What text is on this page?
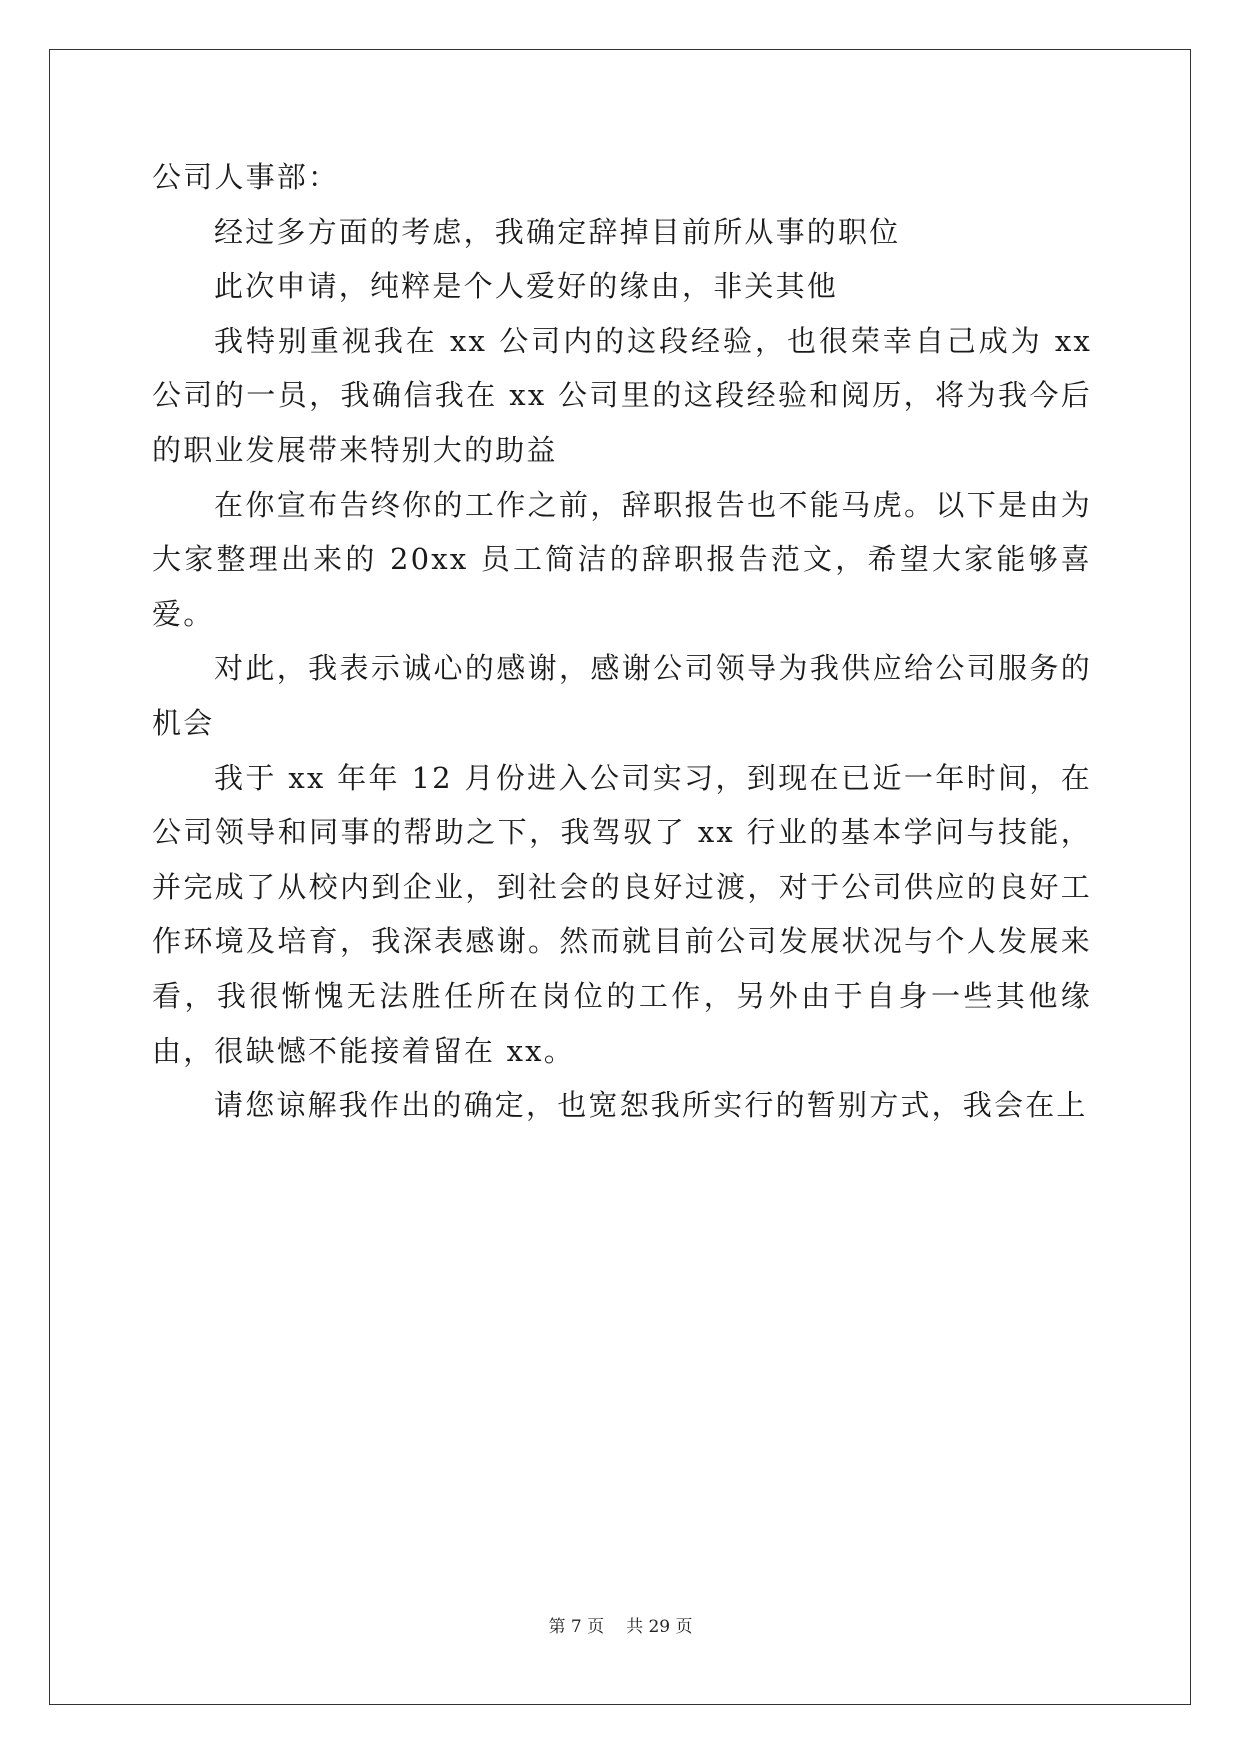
公司人事部：

经过多方面的考虑，我确定辞掉目前所从事的职位

此次申请，纯粹是个人爱好的缘由，非关其他

我特别重视我在 xx 公司内的这段经验，也很荣幸自己成为 xx 公司的一员，我确信我在 xx 公司里的这段经验和阅历，将为我今后的职业发展带来特别大的助益

在你宣布告终你的工作之前，辞职报告也不能马虎。以下是由为大家整理出来的 20xx 员工简洁的辞职报告范文，希望大家能够喜爱。

对此，我表示诚心的感谢，感谢公司领导为我供应给公司服务的机会

我于 xx 年年 12 月份进入公司实习，到现在已近一年时间，在公司领导和同事的帮助之下，我驾驭了 xx 行业的基本学问与技能，并完成了从校内到企业，到社会的良好过渡，对于公司供应的良好工作环境及培育，我深表感谢。然而就目前公司发展状况与个人发展来看，我很惭愧无法胜任所在岗位的工作，另外由于自身一些其他缘由，很缺憾不能接着留在 xx。

请您谅解我作出的确定，也宽恕我所实行的暂别方式，我会在上

第 7 页 共 29 页
